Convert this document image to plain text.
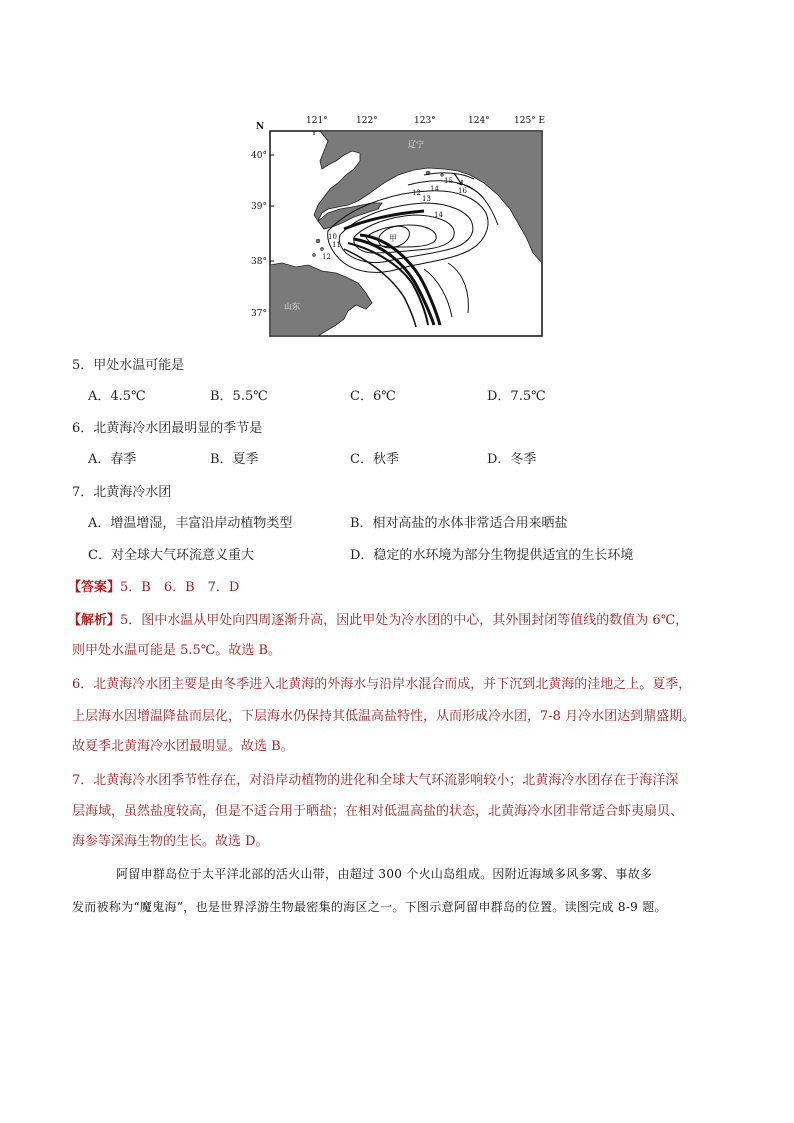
N
121°	122°	123°	124°	125° E
40°
39°
38°
37°
辽宁
山东
12
13
14
15
16
14
10
11
12
甲
5．甲处水温可能是
A．4.5℃	B．5.5℃	C．6℃	D．7.5℃
6．北黄海冷水团最明显的季节是
A．春季	B．夏季	C．秋季	D．冬季
7．北黄海冷水团
A．增温增湿，丰富沿岸动植物类型	B．相对高盐的水体非常适合用来晒盐
C．对全球大气环流意义重大	D．稳定的水环境为部分生物提供适宜的生长环境
【答案】5．B　6．B　7．D
【解析】5．图中水温从甲处向四周逐渐升高，因此甲处为冷水团的中心，其外围封闭等值线的数值为 6℃，
则甲处水温可能是 5.5℃。故选 B。
6．北黄海冷水团主要是由冬季进入北黄海的外海水与沿岸水混合而成，并下沉到北黄海的洼地之上。夏季，
上层海水因增温降盐而层化，下层海水仍保持其低温高盐特性，从而形成冷水团，7-8 月冷水团达到鼎盛期。
故夏季北黄海冷水团最明显。故选 B。
7．北黄海冷水团季节性存在，对沿岸动植物的进化和全球大气环流影响较小；北黄海冷水团存在于海洋深
层海域，虽然盐度较高，但是不适合用于晒盐；在相对低温高盐的状态，北黄海冷水团非常适合虾夷扇贝、
海参等深海生物的生长。故选 D。
阿留申群岛位于太平洋北部的活火山带，由超过 300 个火山岛组成。因附近海域多风多雾、事故多
发而被称为“魔鬼海”，也是世界浮游生物最密集的海区之一。下图示意阿留申群岛的位置。读图完成 8-9 题。
